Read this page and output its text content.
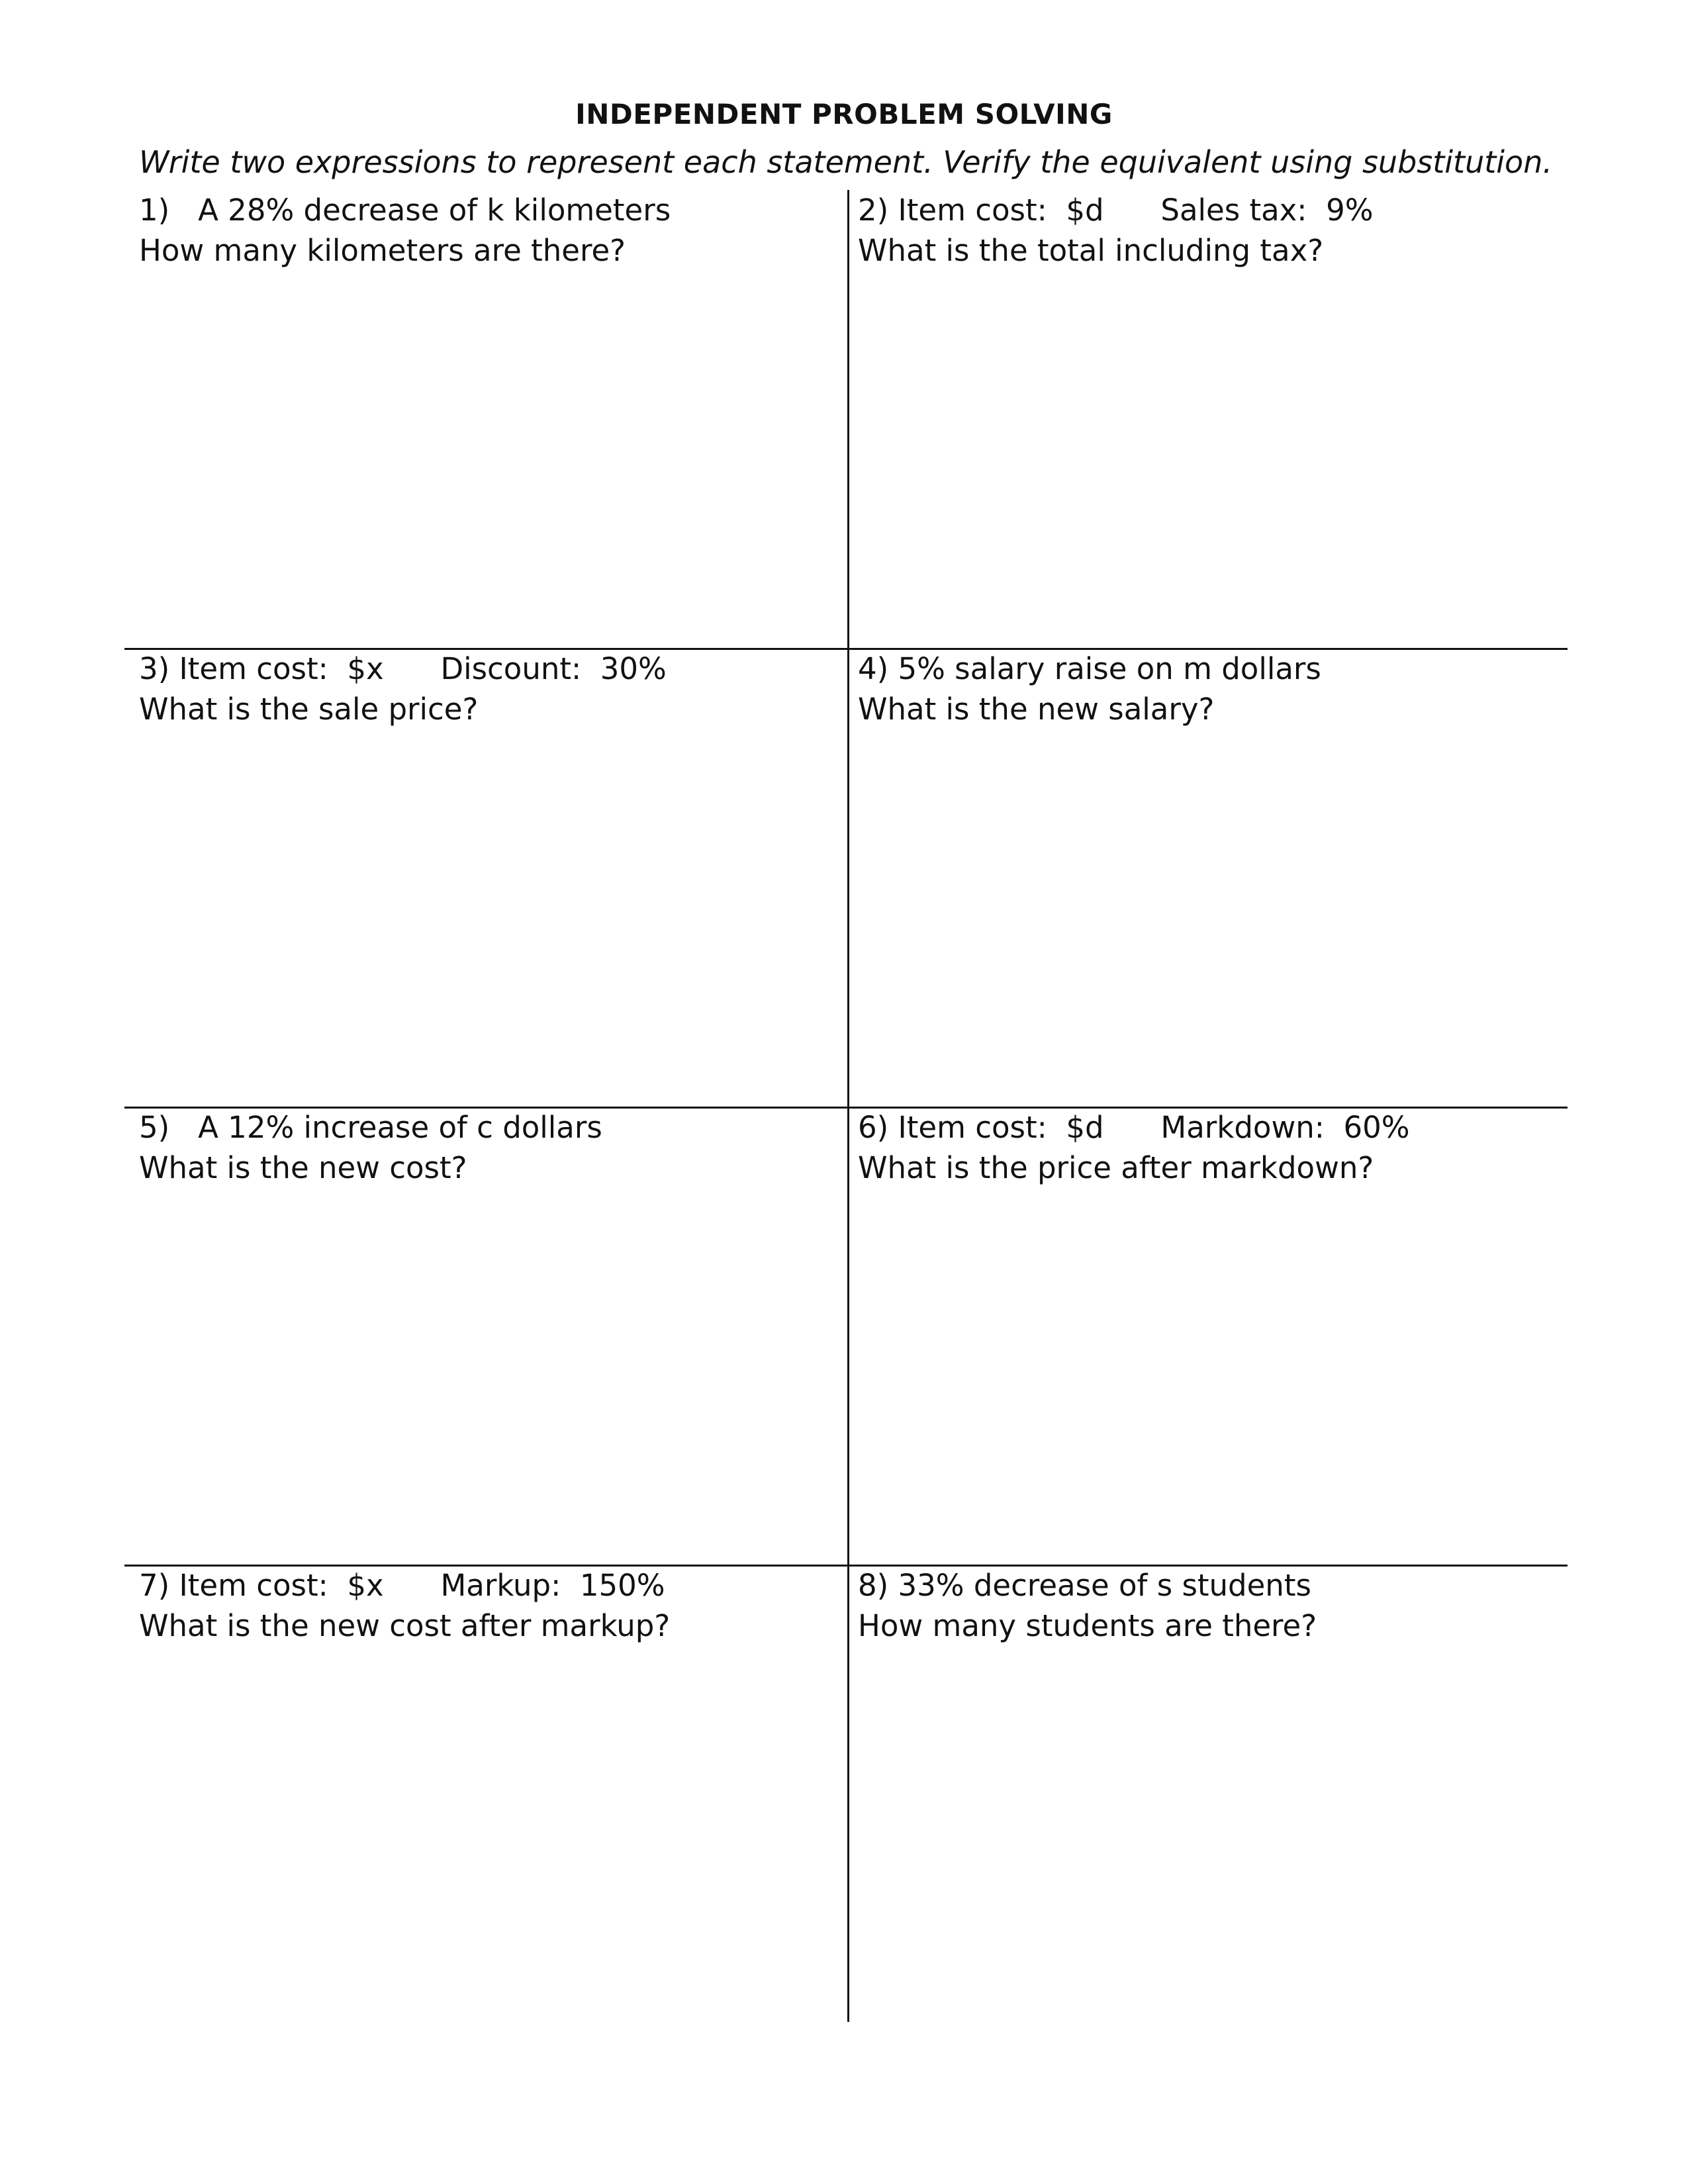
INDEPENDENT PROBLEM SOLVING
Write two expressions to represent each statement. Verify the equivalent using substitution.
1)   A 28% decrease of k kilometers
How many kilometers are there?
2) Item cost:  $d      Sales tax:  9%
What is the total including tax?
3) Item cost:  $x      Discount:  30%
What is the sale price?
4) 5% salary raise on m dollars
What is the new salary?
5)   A 12% increase of c dollars
What is the new cost?
6) Item cost:  $d      Markdown:  60%
What is the price after markdown?
7) Item cost:  $x      Markup:  150%
What is the new cost after markup?
8) 33% decrease of s students
How many students are there?
